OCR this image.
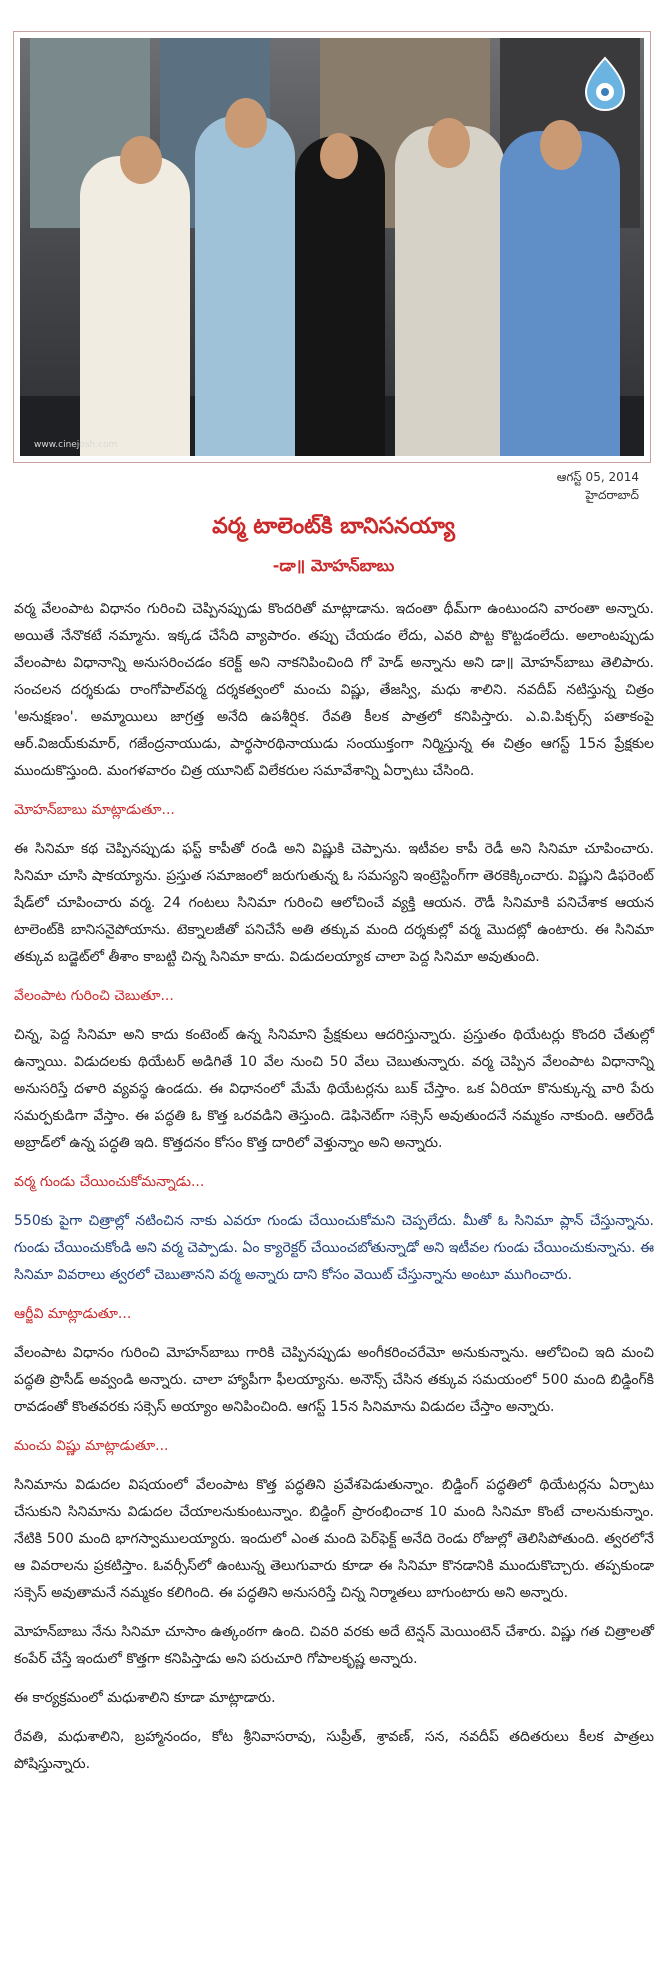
www.cinejosh.com
ఆగస్ట్ 05, 2014
హైదరాబాద్
వర్మ టాలెంట్‌కి బానిసనయ్యా
-డా॥ మోహన్‌బాబు

వర్మ వేలంపాట విధానం గురించి చెప్పినప్పుడు కొందరితో మాట్లాడాను. ఇదంతా థీమ్‌గా ఉంటుందని వారంతా అన్నారు. అయితే నేనొకటే నమ్మాను. ఇక్కడ చేసేది వ్యాపారం. తప్పు చేయడం లేదు, ఎవరి పొట్ట కొట్టడంలేదు. అలాంటప్పుడు వేలంపాట విధానాన్ని అనుసరించడం కరెక్ట్ అని నాకనిపించింది గో హెడ్ అన్నాను అని డా॥ మోహన్‌బాబు తెలిపారు. సంచలన దర్శకుడు రాంగోపాల్‌వర్మ దర్శకత్వంలో మంచు విష్ణు, తేజస్వి, మధు శాలిని. నవదీప్ నటిస్తున్న చిత్రం 'అనుక్షణం'. అమ్మాయిలు జాగ్రత్త అనేది ఉపశీర్షిక. రేవతి కీలక పాత్రలో కనిపిస్తారు. ఎ.వి.పిక్చర్స్ పతాకంపై ఆర్.విజయ్‌కుమార్, గజేంద్రనాయుడు, పార్థసారథినాయుడు సంయుక్తంగా నిర్మిస్తున్న ఈ చిత్రం ఆగస్ట్ 15న ప్రేక్షకుల ముందుకొస్తుంది. మంగళవారం చిత్ర యూనిట్ విలేకరుల సమావేశాన్ని ఏర్పాటు చేసింది.

మోహన్‌బాబు మాట్లాడుతూ...

ఈ సినిమా కథ చెప్పినప్పుడు ఫస్ట్ కాపీతో రండి అని విష్ణుకి చెప్పాను. ఇటీవల కాపీ రెడీ అని సినిమా చూపించారు. సినిమా చూసి షాకయ్యాను. ప్రస్తుత సమాజంలో జరుగుతున్న ఓ సమస్యని ఇంట్రెస్టింగ్‌గా తెరకెక్కించారు. విష్ణుని డిఫరెంట్ షేడ్‌లో చూపించారు వర్మ. 24 గంటలు సినిమా గురించి ఆలోచించే వ్యక్తి ఆయన. రౌడీ సినిమాకి పనిచేశాక ఆయన టాలెంట్‌కి బానిసనైపోయాను. టెక్నాలజీతో పనిచేసే అతి తక్కువ మంది దర్శకుల్లో వర్మ మొదట్లో ఉంటారు. ఈ సినిమా తక్కువ బడ్జెట్‌లో తీశాం కాబట్టి చిన్న సినిమా కాదు. విడుదలయ్యాక చాలా పెద్ద సినిమా అవుతుంది.

వేలంపాట గురించి చెబుతూ...

చిన్న, పెద్ద సినిమా అని కాదు కంటెంట్ ఉన్న సినిమాని ప్రేక్షకులు ఆదరిస్తున్నారు. ప్రస్తుతం థియేటర్లు కొందరి చేతుల్లో ఉన్నాయి. విడుదలకు థియేటర్ అడిగితే 10 వేల నుంచి 50 వేలు చెబుతున్నారు. వర్మ చెప్పిన వేలంపాట విధానాన్ని అనుసరిస్తే దళారి వ్యవస్థ ఉండదు. ఈ విధానంలో మేమే థియేటర్లను బుక్ చేస్తాం. ఒక ఏరియా కొనుక్కున్న వారి పేరు సమర్పకుడిగా వేస్తాం. ఈ పద్ధతి ఓ కొత్త ఒరవడిని తెస్తుంది. డెఫినెట్‌గా సక్సెస్ అవుతుందనే నమ్మకం నాకుంది. ఆల్‌రెడీ అబ్రాడ్‌లో ఉన్న పద్ధతి ఇది. కొత్తదనం కోసం కొత్త దారిలో వెళ్తున్నాం అని అన్నారు.

వర్మ గుండు చేయించుకోమన్నాడు...

550కు పైగా చిత్రాల్లో నటించిన నాకు ఎవరూ గుండు చేయించుకోమని చెప్పలేదు. మీతో ఓ సినిమా ప్లాన్ చేస్తున్నాను. గుండు చేయించుకోండి అని వర్మ చెప్పాడు. ఏం క్యారెక్టర్ చేయించబోతున్నాడో అని ఇటీవల గుండు చేయించుకున్నాను. ఈ సినిమా వివరాలు త్వరలో చెబుతానని వర్మ అన్నారు దాని కోసం వెయిట్ చేస్తున్నాను అంటూ ముగించారు.

ఆర్జీవి మాట్లాడుతూ...

వేలంపాట విధానం గురించి మోహన్‌బాబు గారికి చెప్పినప్పుడు అంగీకరించరేమో అనుకున్నాను. ఆలోచించి ఇది మంచి పద్ధతి ప్రొసీడ్ అవ్వండి అన్నారు. చాలా హ్యాపీగా ఫీలయ్యాను. అనౌన్స్ చేసిన తక్కువ సమయంలో 500 మంది బిడ్డింగ్‌కి రావడంతో కొంతవరకు సక్సెస్ అయ్యాం అనిపించింది. ఆగస్ట్ 15న సినిమాను విడుదల చేస్తాం అన్నారు.

మంచు విష్ణు మాట్లాడుతూ...

సినిమాను విడుదల విషయంలో వేలంపాట కొత్త పద్ధతిని ప్రవేశపెడుతున్నాం. బిడ్డింగ్ పద్ధతిలో థియేటర్లను ఏర్పాటు చేసుకుని సినిమాను విడుదల చేయాలనుకుంటున్నాం. బిడ్డింగ్ ప్రారంభించాక 10 మంది సినిమా కొంటే చాలనుకున్నాం. నేటికి 500 మంది భాగస్వాములయ్యారు. ఇందులో ఎంత మంది పెర్‌ఫెక్ట్ అనేది రెండు రోజుల్లో తెలిసిపోతుంది. త్వరలోనే ఆ వివరాలను ప్రకటిస్తాం. ఓవర్సీస్‌లో ఉంటున్న తెలుగువారు కూడా ఈ సినిమా కొనడానికి ముందుకొచ్చారు. తప్పకుండా సక్సెస్ అవుతామనే నమ్మకం కలిగింది. ఈ పద్ధతిని అనుసరిస్తే చిన్న నిర్మాతలు బాగుంటారు అని అన్నారు.

మోహన్‌బాబు నేను సినిమా చూసాం ఉత్కంఠగా ఉంది. చివరి వరకు అదే టెన్షన్ మెయింటెన్ చేశారు. విష్ణు గత చిత్రాలతో కంపేర్ చేస్తే ఇందులో కొత్తగా కనిపిస్తాడు అని పరుచూరి గోపాలకృష్ణ అన్నారు.

ఈ కార్యక్రమంలో మధుశాలిని కూడా మాట్లాడారు.

రేవతి, మధుశాలిని, బ్రహ్మానందం, కోట శ్రీనివాసరావు, సుప్రీత్, శ్రావణ్, సన, నవదీప్ తదితరులు కీలక పాత్రలు పోషిస్తున్నారు.
